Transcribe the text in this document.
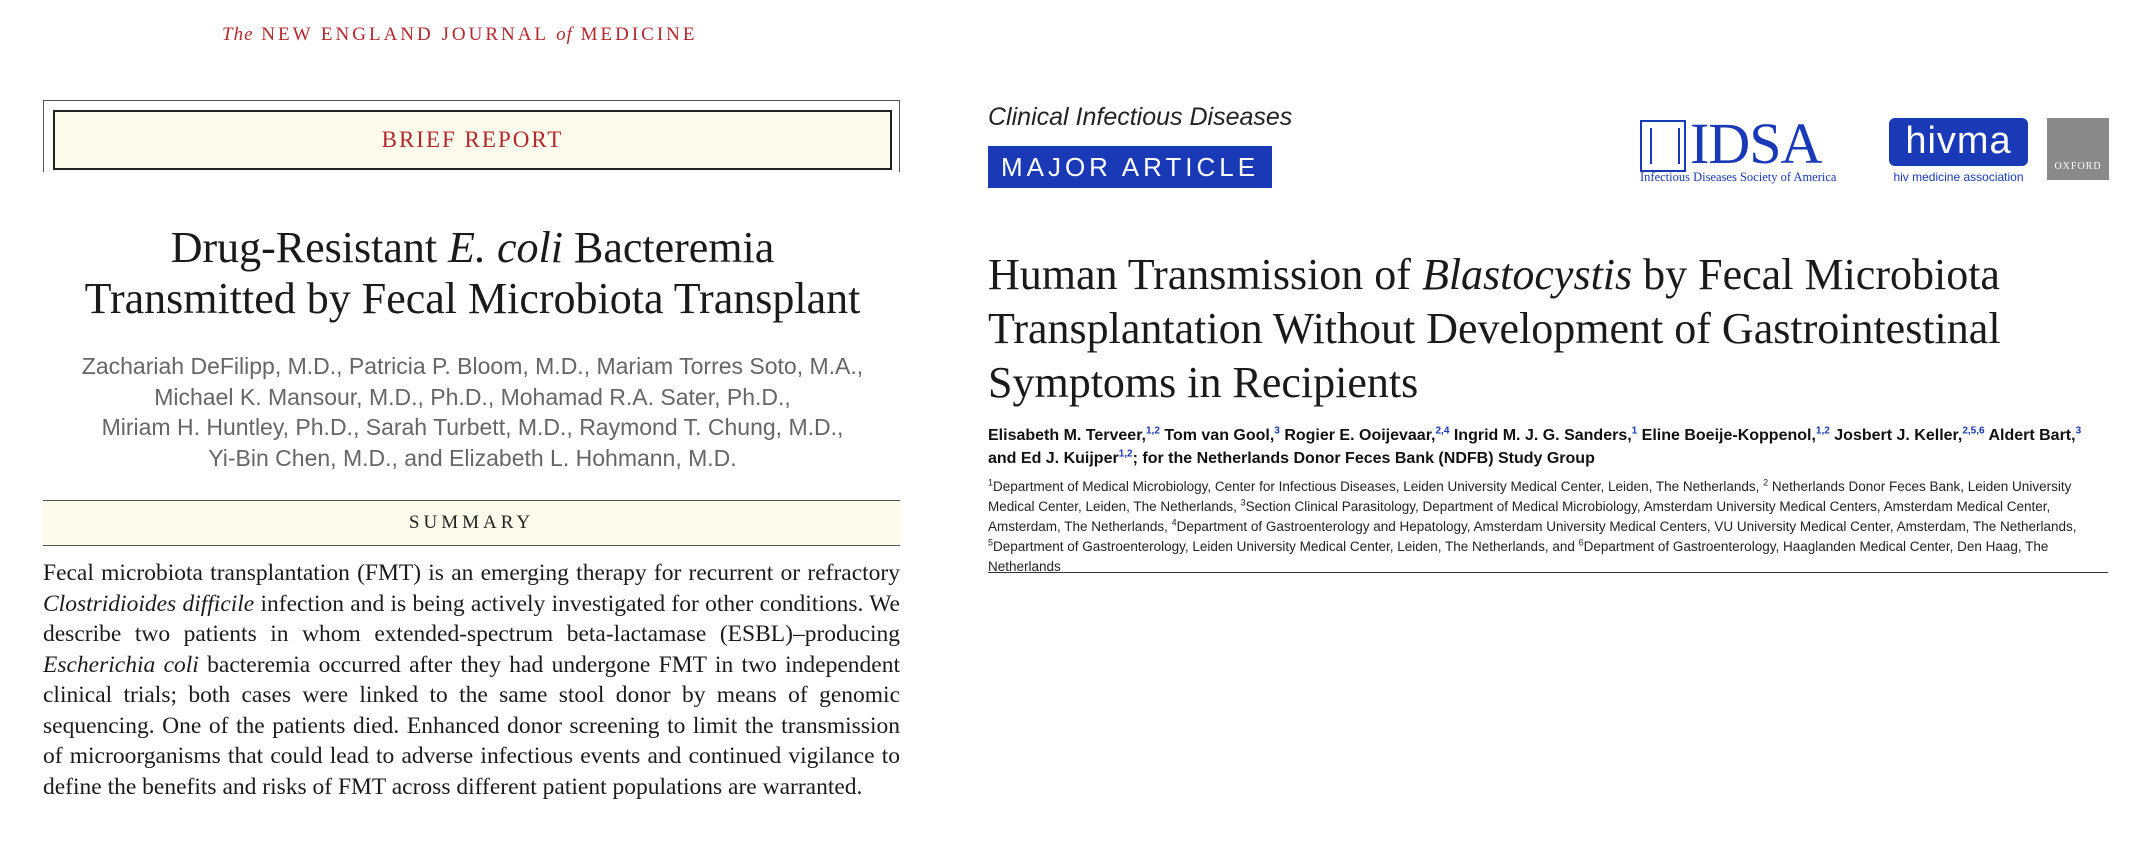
The NEW ENGLAND JOURNAL of MEDICINE
BRIEF REPORT
Drug-Resistant E. coli Bacteremia
Transmitted by Fecal Microbiota Transplant
Zachariah DeFilipp, M.D., Patricia P. Bloom, M.D., Mariam Torres Soto, M.A.,
Michael K. Mansour, M.D., Ph.D., Mohamad R.A. Sater, Ph.D.,
Miriam H. Huntley, Ph.D., Sarah Turbett, M.D., Raymond T. Chung, M.D.,
Yi-Bin Chen, M.D., and Elizabeth L. Hohmann, M.D.
SUMMARY
Fecal microbiota transplantation (FMT) is an emerging therapy for recurrent or refractory Clostridioides difficile infection and is being actively investigated for other conditions. We describe two patients in whom extended-spectrum beta-lactamase (ESBL)–producing Escherichia coli bacteremia occurred after they had undergone FMT in two independent clinical trials; both cases were linked to the same stool donor by means of genomic sequencing. One of the patients died. Enhanced donor screening to limit the transmission of microorganisms that could lead to adverse infectious events and continued vigilance to define the benefits and risks of FMT across different patient populations are warranted.
Clinical Infectious Diseases
MAJOR ARTICLE	IDSA
Infectious Diseases Society of America
hivma
hiv medicine association
OXFORD
Human Transmission of Blastocystis by Fecal Microbiota Transplantation Without Development of Gastrointestinal Symptoms in Recipients
Elisabeth M. Terveer,$^{1,2}$ Tom van Gool,$^3$ Rogier E. Ooijevaar,$^{2,4}$ Ingrid M. J. G. Sanders,$^1$ Eline Boeije-Koppenol,$^{1,2}$ Josbert J. Keller,$^{2,5,6}$ Aldert Bart,$^3$ and Ed J. Kuijper$^{1,2}$; for the Netherlands Donor Feces Bank (NDFB) Study Group
$^1$Department of Medical Microbiology, Center for Infectious Diseases, Leiden University Medical Center, Leiden, The Netherlands, $^2$ Netherlands Donor Feces Bank, Leiden University Medical Center, Leiden, The Netherlands, $^3$Section Clinical Parasitology, Department of Medical Microbiology, Amsterdam University Medical Centers, Amsterdam Medical Center, Amsterdam, The Netherlands, $^4$Department of Gastroenterology and Hepatology, Amsterdam University Medical Centers, VU University Medical Center, Amsterdam, The Netherlands, $^5$Department of Gastroenterology, Leiden University Medical Center, Leiden, The Netherlands, and $^6$Department of Gastroenterology, Haaglanden Medical Center, Den Haag, The Netherlands
